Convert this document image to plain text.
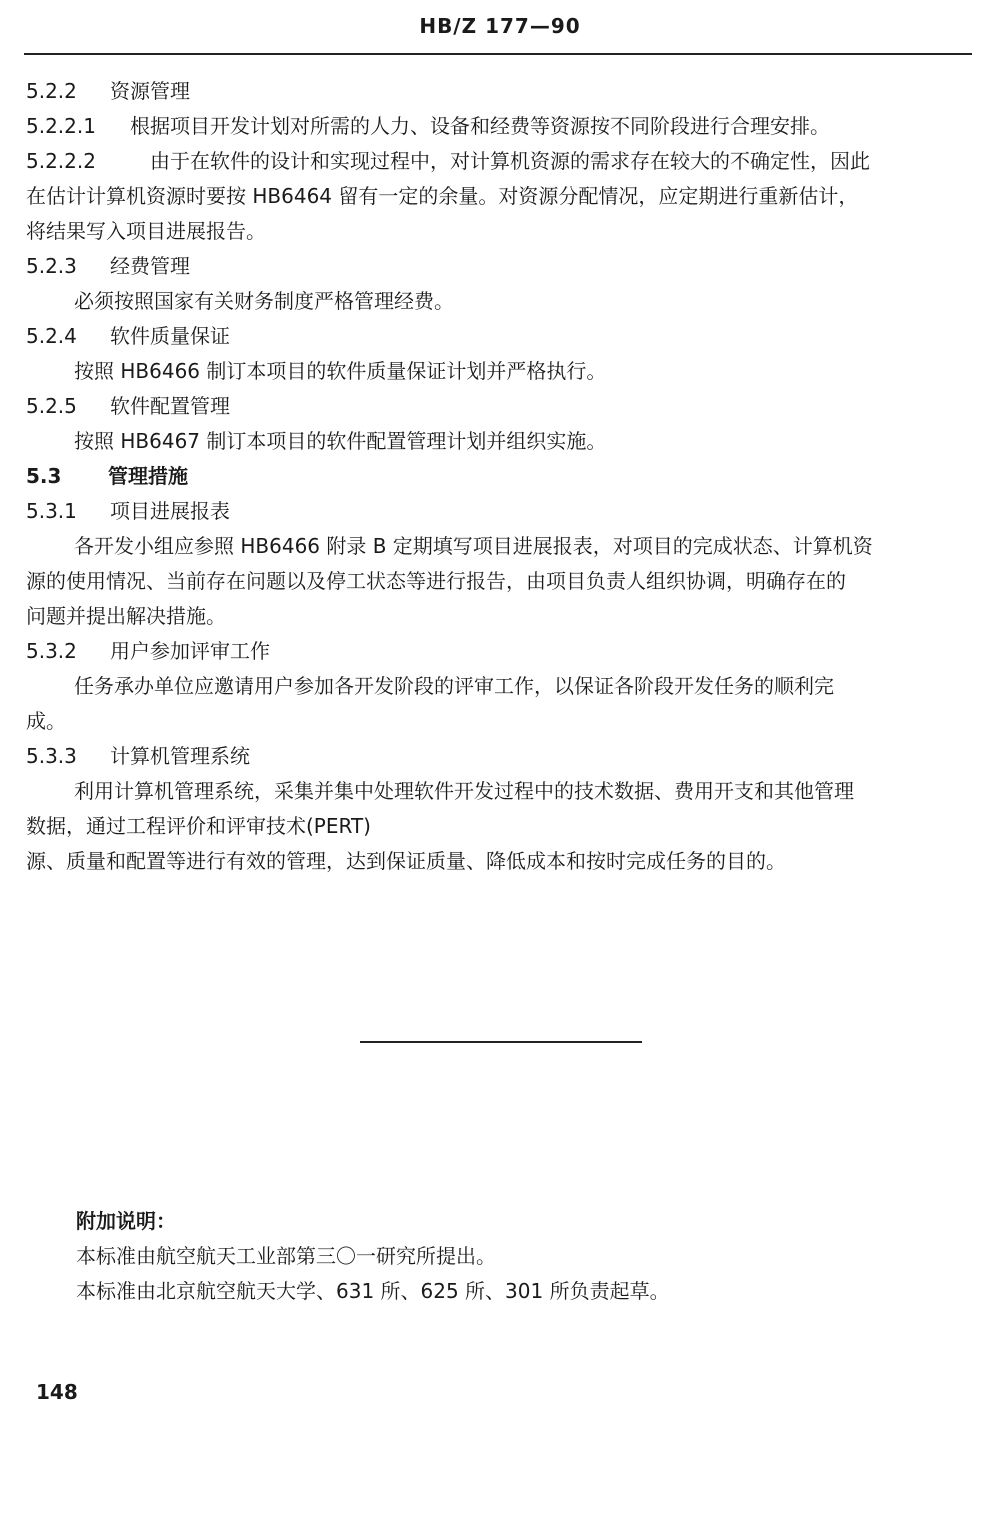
HB/Z 177—90
5.2.2 资源管理
5.2.2.1 根据项目开发计划对所需的人力、设备和经费等资源按不同阶段进行合理安排。
5.2.2.2	由于在软件的设计和实现过程中，对计算机资源的需求存在较大的不确定性，因此
在估计计算机资源时要按 HB6464 留有一定的余量。对资源分配情况，应定期进行重新估计，
将结果写入项目进展报告。
5.2.3 经费管理
必须按照国家有关财务制度严格管理经费。
5.2.4 软件质量保证
按照 HB6466 制订本项目的软件质量保证计划并严格执行。
5.2.5 软件配置管理
按照 HB6467 制订本项目的软件配置管理计划并组织实施。
5.3 管理措施
5.3.1 项目进展报表
各开发小组应参照 HB6466 附录 B 定期填写项目进展报表，对项目的完成状态、计算机资
源的使用情况、当前存在问题以及停工状态等进行报告，由项目负责人组织协调，明确存在的
问题并提出解决措施。
5.3.2 用户参加评审工作
任务承办单位应邀请用户参加各开发阶段的评审工作，以保证各阶段开发任务的顺利完
成。
5.3.3 计算机管理系统
利用计算机管理系统，采集并集中处理软件开发过程中的技术数据、费用开支和其他管理
数据，通过工程评价和评审技术(PERT)
源、质量和配置等进行有效的管理，达到保证质量、降低成本和按时完成任务的目的。
附加说明：
本标准由航空航天工业部第三〇一研究所提出。
本标准由北京航空航天大学、631 所、625 所、301 所负责起草。
148
